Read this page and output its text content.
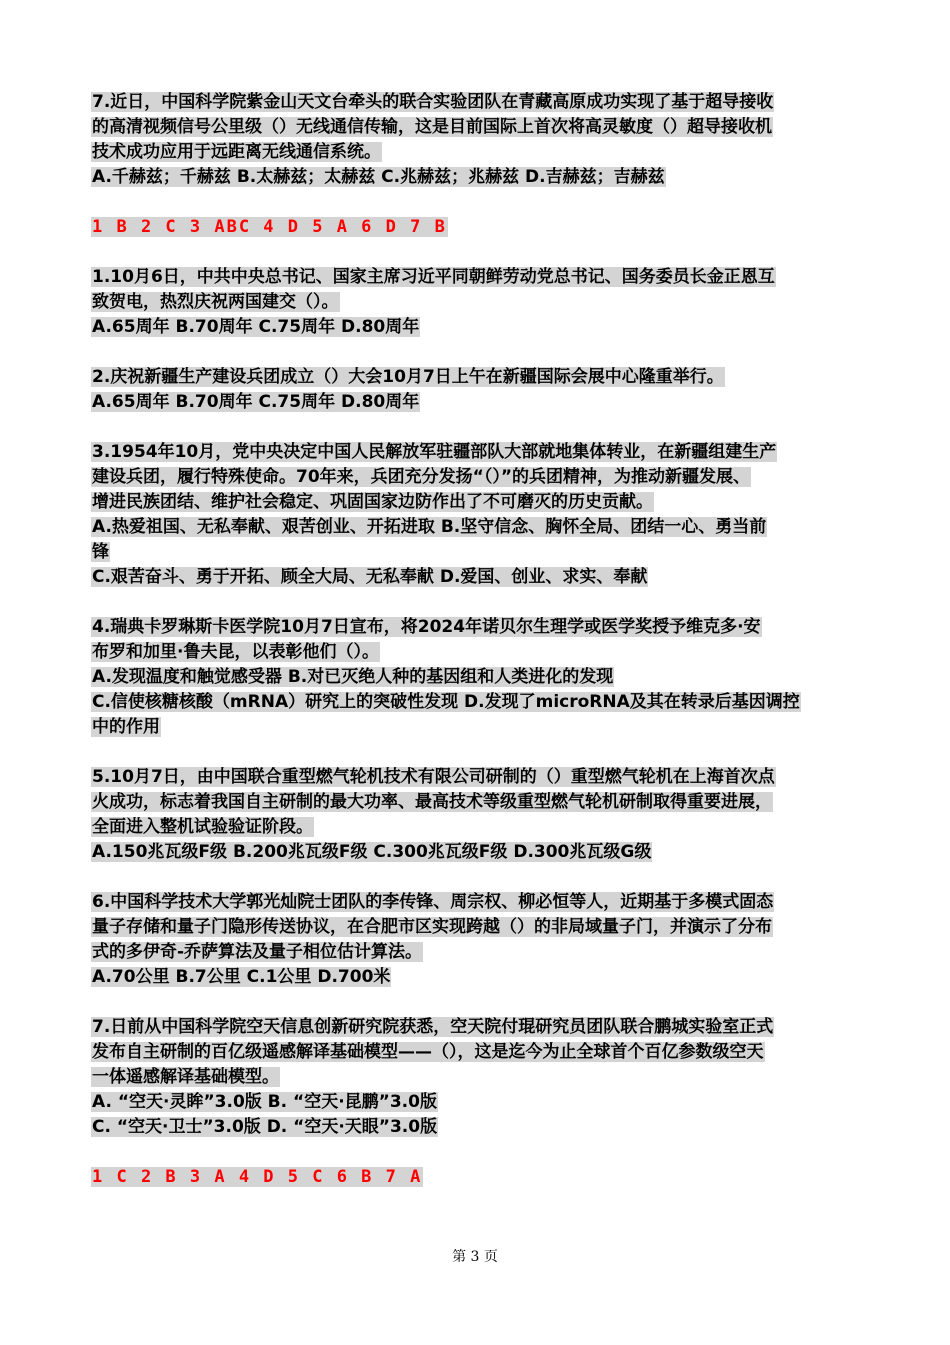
7.近日，中国科学院紫金山天文台牵头的联合实验团队在青藏高原成功实现了基于超导接收
的高清视频信号公里级（）无线通信传输，这是目前国际上首次将高灵敏度（）超导接收机
技术成功应用于远距离无线通信系统。
A.千赫兹；千赫兹 B.太赫兹；太赫兹 C.兆赫兹；兆赫兹 D.吉赫兹；吉赫兹
1 B 2 C 3 ABC 4 D 5 A 6 D 7 B
1.10月6日，中共中央总书记、国家主席习近平同朝鲜劳动党总书记、国务委员长金正恩互
致贺电，热烈庆祝两国建交（）。
A.65周年 B.70周年 C.75周年 D.80周年
2.庆祝新疆生产建设兵团成立（）大会10月7日上午在新疆国际会展中心隆重举行。
A.65周年 B.70周年 C.75周年 D.80周年
3.1954年10月，党中央决定中国人民解放军驻疆部队大部就地集体转业，在新疆组建生产
建设兵团，履行特殊使命。70年来，兵团充分发扬“（）”的兵团精神，为推动新疆发展、
增进民族团结、维护社会稳定、巩固国家边防作出了不可磨灭的历史贡献。
A.热爱祖国、无私奉献、艰苦创业、开拓进取 B.坚守信念、胸怀全局、团结一心、勇当前
锋
C.艰苦奋斗、勇于开拓、顾全大局、无私奉献 D.爱国、创业、求实、奉献
4.瑞典卡罗琳斯卡医学院10月7日宣布，将2024年诺贝尔生理学或医学奖授予维克多·安
布罗和加里·鲁夫昆，以表彰他们（）。
A.发现温度和触觉感受器 B.对已灭绝人种的基因组和人类进化的发现
C.信使核糖核酸（mRNA）研究上的突破性发现 D.发现了microRNA及其在转录后基因调控
中的作用
5.10月7日，由中国联合重型燃气轮机技术有限公司研制的（）重型燃气轮机在上海首次点
火成功，标志着我国自主研制的最大功率、最高技术等级重型燃气轮机研制取得重要进展，
全面进入整机试验验证阶段。
A.150兆瓦级F级 B.200兆瓦级F级 C.300兆瓦级F级 D.300兆瓦级G级
6.中国科学技术大学郭光灿院士团队的李传锋、周宗权、柳必恒等人，近期基于多模式固态
量子存储和量子门隐形传送协议，在合肥市区实现跨越（）的非局域量子门，并演示了分布
式的多伊奇-乔萨算法及量子相位估计算法。
A.70公里 B.7公里 C.1公里 D.700米
7.日前从中国科学院空天信息创新研究院获悉，空天院付琨研究员团队联合鹏城实验室正式
发布自主研制的百亿级遥感解译基础模型——（），这是迄今为止全球首个百亿参数级空天
一体遥感解译基础模型。
A. “空天·灵眸”3.0版 B. “空天·昆鹏”3.0版
C. “空天·卫士”3.0版 D. “空天·天眼”3.0版
1 C 2 B 3 A 4 D 5 C 6 B 7 A
第 3 页
